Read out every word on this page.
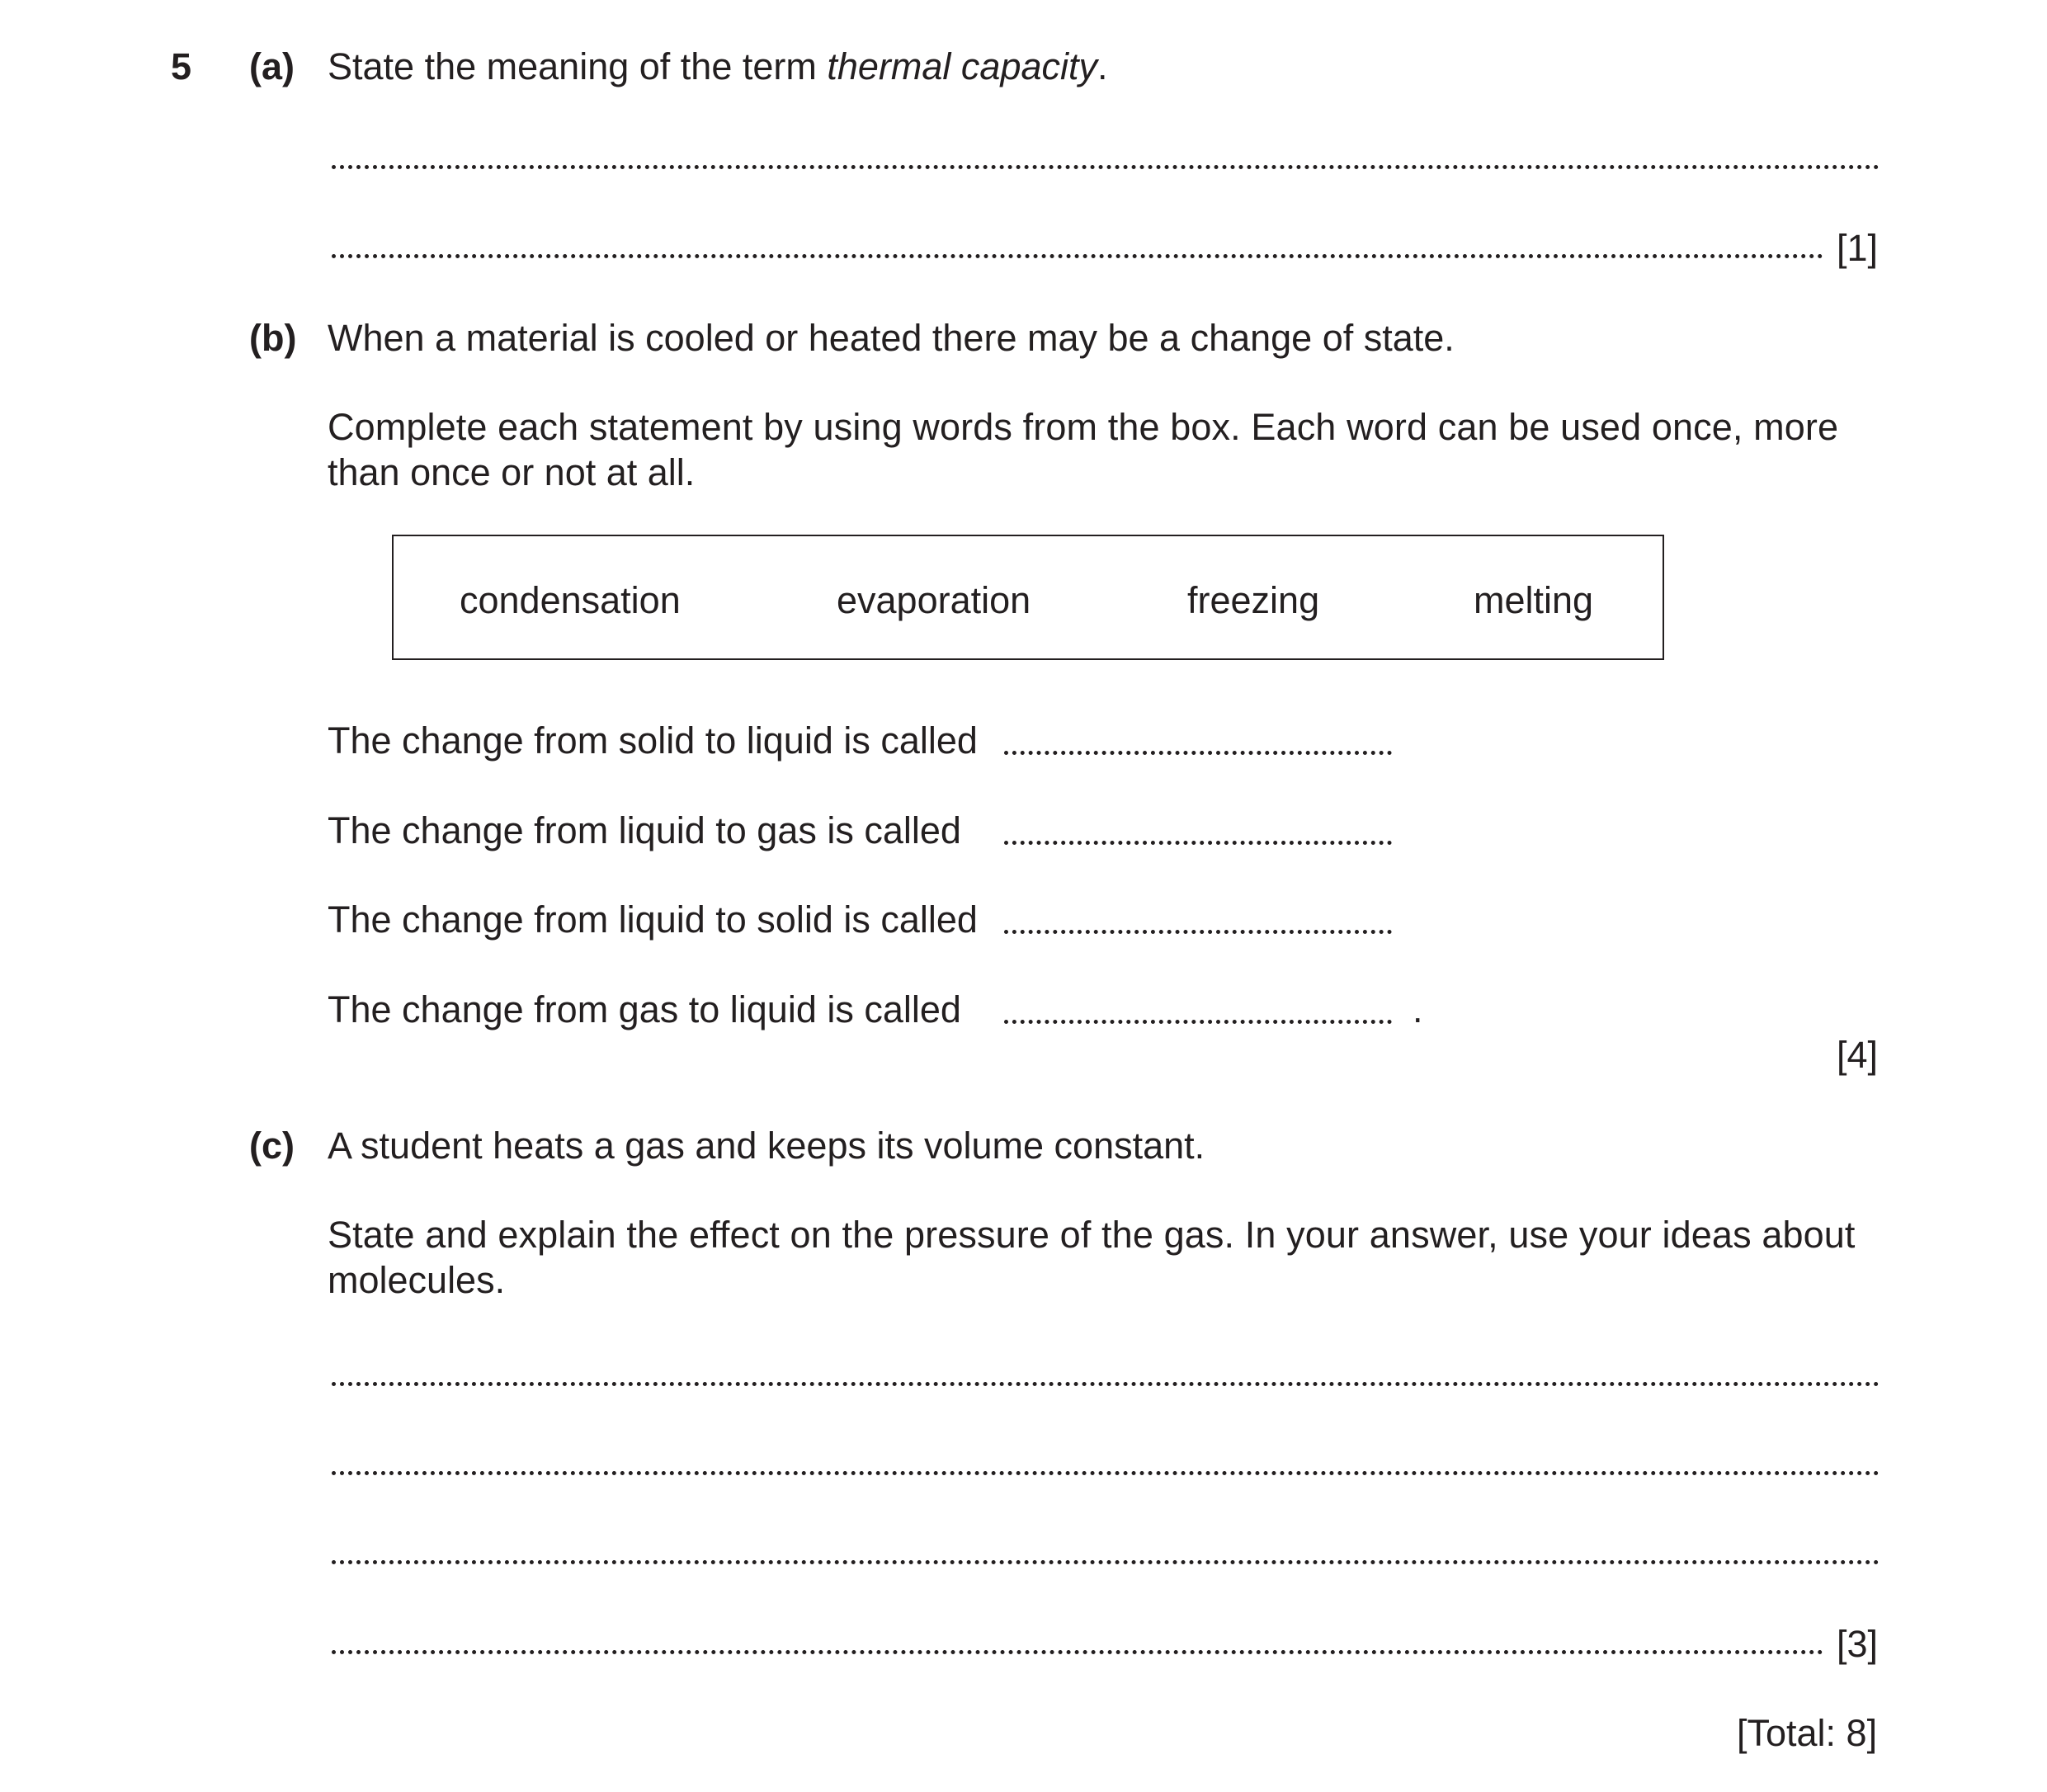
5 (a) State the meaning of the term thermal capacity.
[1]
(b) When a material is cooled or heated there may be a change of state.
Complete each statement by using words from the box. Each word can be used once, more
than once or not at all.
condensation	evaporation	freezing	melting
The change from solid to liquid is called
The change from liquid to gas is called
The change from liquid to solid is called
The change from gas to liquid is called	.
[4]
(c) A student heats a gas and keeps its volume constant.
State and explain the effect on the pressure of the gas. In your answer, use your ideas about
molecules.
[3]
[Total: 8]
